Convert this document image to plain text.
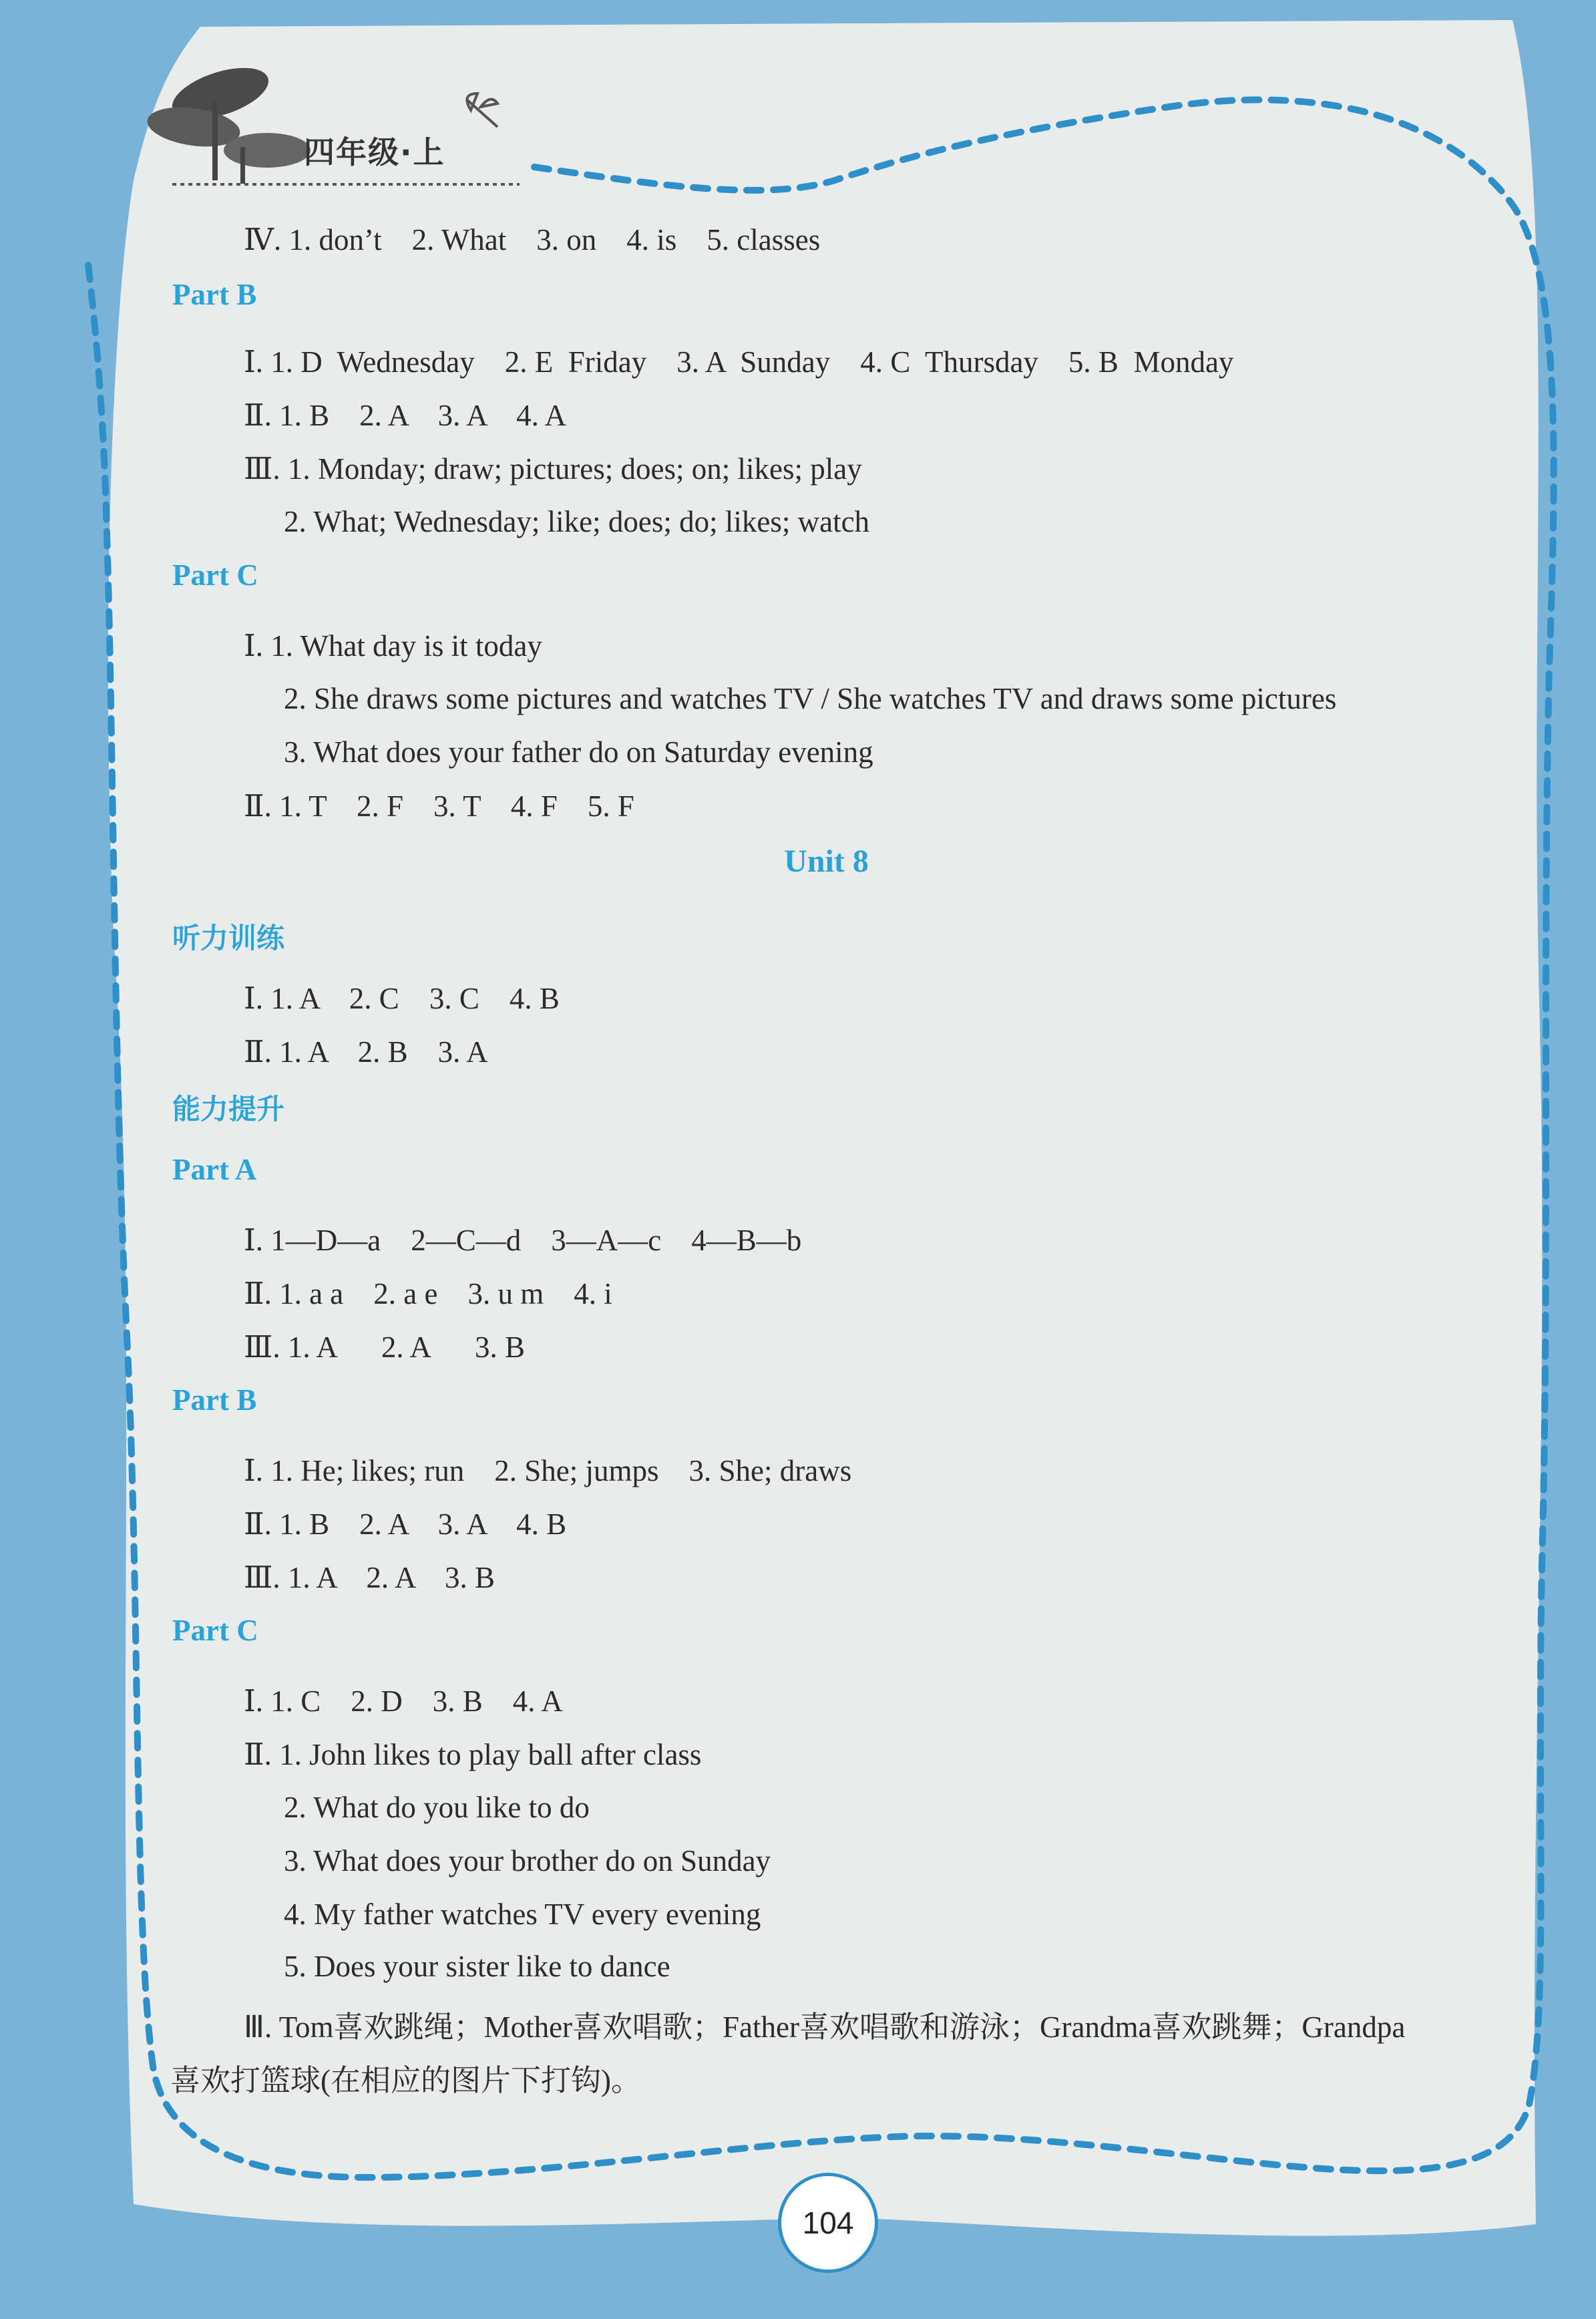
四年级·上
Ⅳ. 1. don’t    2. What    3. on    4. is    5. classes
Part B
Ⅰ. 1. D  Wednesday    2. E  Friday    3. A  Sunday    4. C  Thursday    5. B  Monday
Ⅱ. 1. B    2. A    3. A    4. A
Ⅲ. 1. Monday; draw; pictures; does; on; likes; play
2. What; Wednesday; like; does; do; likes; watch
Part C
Ⅰ. 1. What day is it today
2. She draws some pictures and watches TV / She watches TV and draws some pictures
3. What does your father do on Saturday evening
Ⅱ. 1. T    2. F    3. T    4. F    5. F
Unit 8
听力训练
Ⅰ. 1. A    2. C    3. C    4. B
Ⅱ. 1. A    2. B    3. A
能力提升
Part A
Ⅰ. 1—D—a    2—C—d    3—A—c    4—B—b
Ⅱ. 1. a a    2. a e    3. u m    4. i
Ⅲ. 1. A      2. A      3. B
Part B
Ⅰ. 1. He; likes; run    2. She; jumps    3. She; draws
Ⅱ. 1. B    2. A    3. A    4. B
Ⅲ. 1. A    2. A    3. B
Part C
Ⅰ. 1. C    2. D    3. B    4. A
Ⅱ. 1. John likes to play ball after class
2. What do you like to do
3. What does your brother do on Sunday
4. My father watches TV every evening
5. Does your sister like to dance
Ⅲ. Tom喜欢跳绳；Mother喜欢唱歌；Father喜欢唱歌和游泳；Grandma喜欢跳舞；Grandpa
喜欢打篮球(在相应的图片下打钩)。
104
